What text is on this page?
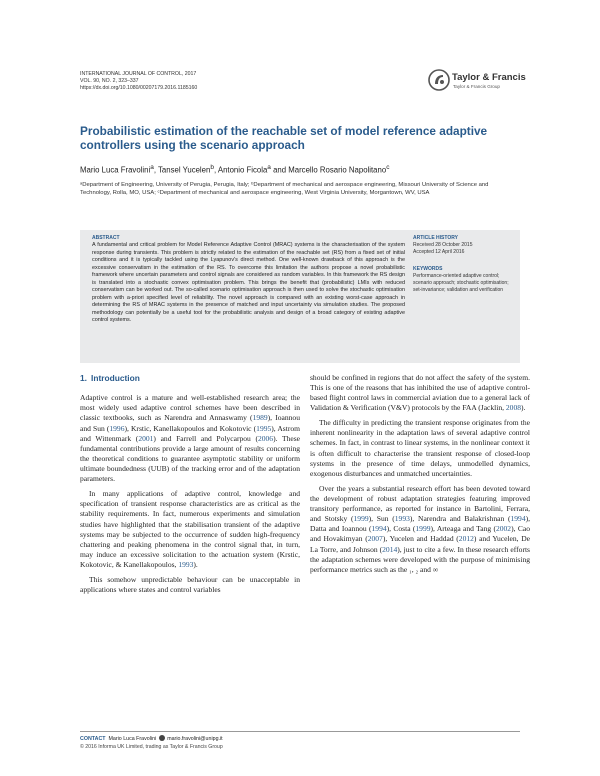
INTERNATIONAL JOURNAL OF CONTROL, 2017
VOL. 90, NO. 2, 323–337
https://dx.doi.org/10.1080/00207179.2016.1185160
Taylor & Francis
Taylor & Francis Group
Probabilistic estimation of the reachable set of model reference adaptive controllers using the scenario approach
Mario Luca Fravolini$^a$, Tansel Yucelen$^b$, Antonio Ficola$^a$ and Marcello Rosario Napolitano$^c$
ᵃDepartment of Engineering, University of Perugia, Perugia, Italy; ᵇDepartment of mechanical and aerospace engineering, Missouri University of Science and Technology, Rolla, MO, USA; ᶜDepartment of mechanical and aerospace engineering, West Virginia University, Morgantown, WV, USA
ABSTRACT
A fundamental and critical problem for Model Reference Adaptive Control (MRAC) systems is the characterisation of the system response during transients. This problem is strictly related to the estimation of the reachable set (RS) from a fixed set of initial conditions and it is typically tackled using the Lyapunov's direct method. One well-known drawback of this approach is the excessive conservatism in the estimation of the RS. To overcome this limitation the authors propose a novel probabilistic framework where uncertain parameters and control signals are considered as random variables. In this framework the RS design is translated into a stochastic convex optimisation problem. This brings the benefit that (probabilistic) LMIs with reduced conservatism can be worked out. The so-called scenario optimisation approach is then used to solve the stochastic optimisation problem with a-priori specified level of reliability. The novel approach is compared with an existing worst-case approach in determining the RS of MRAC systems in the presence of matched and input uncertainty via simulation studies. The proposed methodology can potentially be a useful tool for the probabilistic analysis and design of a broad category of existing adaptive control systems.
ARTICLE HISTORY
Received 28 October 2015
Accepted 12 April 2016
KEYWORDS
Performance-oriented adaptive control; scenario approach; stochastic optimisation; set-invariance; validation and verification
1. Introduction

Adaptive control is a mature and well-established research area; the most widely used adaptive control schemes have been described in classic textbooks, such as Narendra and Annaswamy (1989), Ioannou and Sun (1996), Krstic, Kanellakopoulos and Kokotovic (1995), Astrom and Wittenmark (2001) and Farrell and Polycarpou (2006). These fundamental contributions provide a large amount of results concerning the theoretical conditions to guarantee asymptotic stability or uniform ultimate boundedness (UUB) of the tracking error and of the adaptation parameters.

In many applications of adaptive control, knowledge and specification of transient response characteristics are as critical as the stability requirements. In fact, numerous experiments and simulation studies have highlighted that the stabilisation transient of the adaptive systems may be subjected to the occurrence of sudden high-frequency chattering and peaking phenomena in the control signal that, in turn, may induce an excessive solicitation to the actuation system (Krstic, Kokotovic, & Kanellakopoulos, 1993).

This somehow unpredictable behaviour can be unacceptable in applications where states and control variables

should be confined in regions that do not affect the safety of the system. This is one of the reasons that has inhibited the use of adaptive control-based flight control laws in commercial aviation due to a general lack of Validation & Verification (V&V) protocols by the FAA (Jacklin, 2008).

The difficulty in predicting the transient response originates from the inherent nonlinearity in the adaptation laws of several adaptive control schemes. In fact, in contrast to linear systems, in the nonlinear context it is often difficult to characterise the transient response of closed-loop systems in the presence of time delays, unmodelled dynamics, exogenous disturbances and unmatched uncertainties.

Over the years a substantial research effort has been devoted toward the development of robust adaptation strategies featuring improved transitory performance, as reported for instance in Bartolini, Ferrara, and Stotsky (1999), Sun (1993), Narendra and Balakrishnan (1994), Datta and Ioannou (1994), Costa (1999), Arteaga and Tang (2002), Cao and Hovakimyan (2007), Yucelen and Haddad (2012) and Yucelen, De La Torre, and Johnson (2014), just to cite a few. In these research efforts the adaptation schemes were developed with the purpose of minimising performance metrics such as the ₁, ₂ and ∞

CONTACT Mario Luca Fravolini mario.fravolini@unipg.it
© 2016 Informa UK Limited, trading as Taylor & Francis Group
